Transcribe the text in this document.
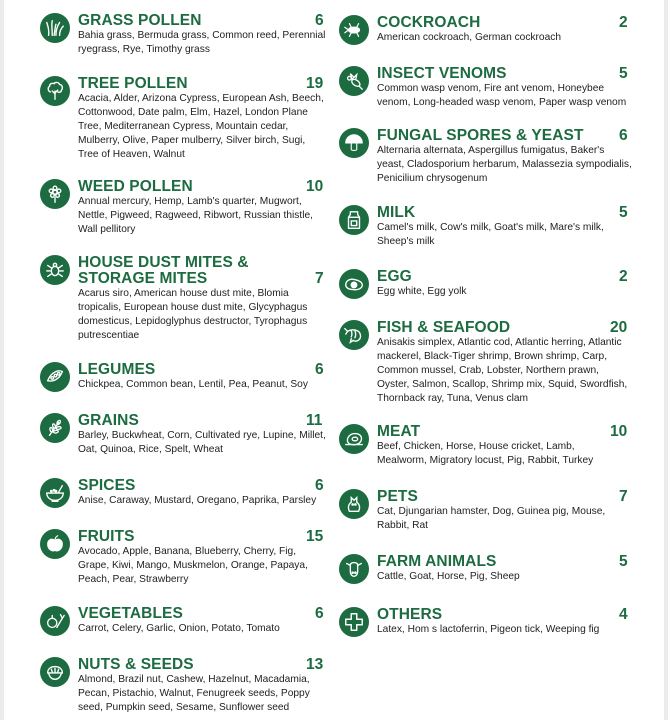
GRASS POLLEN	6
Bahia grass, Bermuda grass, Common reed, Perennial ryegrass, Rye, Timothy grass
TREE POLLEN	19
Acacia, Alder, Arizona Cypress, European Ash, Beech, Cottonwood, Date palm, Elm, Hazel, London Plane Tree, Mediterranean Cypress, Mountain cedar, Mulberry, Olive, Paper mulberry, Silver birch, Sugi, Tree of Heaven, Walnut
WEED POLLEN	10
Annual mercury, Hemp, Lamb's quarter, Mugwort, Nettle, Pigweed, Ragweed, Ribwort, Russian thistle, Wall pellitory
HOUSE DUST MITES & STORAGE MITES	7
Acarus siro, American house dust mite, Blomia tropicalis, European house dust mite, Glycyphagus domesticus, Lepidoglyphus destructor, Tyrophagus putrescentiae
LEGUMES	6
Chickpea, Common bean, Lentil, Pea, Peanut, Soy
GRAINS	11
Barley, Buckwheat, Corn, Cultivated rye, Lupine, Millet, Oat, Quinoa, Rice, Spelt, Wheat
SPICES	6
Anise, Caraway, Mustard, Oregano, Paprika, Parsley
FRUITS	15
Avocado, Apple, Banana, Blueberry, Cherry, Fig, Grape, Kiwi, Mango, Muskmelon, Orange, Papaya, Peach, Pear, Strawberry
VEGETABLES	6
Carrot, Celery, Garlic, Onion, Potato, Tomato
NUTS & SEEDS	13
Almond, Brazil nut, Cashew, Hazelnut, Macadamia, Pecan, Pistachio, Walnut, Fenugreek seeds, Poppy seed, Pumpkin seed, Sesame, Sunflower seed
COCKROACH	2
American cockroach, German cockroach
INSECT VENOMS	5
Common wasp venom, Fire ant venom, Honeybee venom, Long-headed wasp venom, Paper wasp venom
FUNGAL SPORES & YEAST 6
Alternaria alternata, Aspergillus fumigatus, Baker's yeast, Cladosporium herbarum, Malassezia sympodialis, Penicilium chrysogenum
MILK	5
Camel's milk, Cow's milk, Goat's milk, Mare's milk, Sheep's milk
EGG	2
Egg white, Egg yolk
FISH & SEAFOOD	20
Anisakis simplex, Atlantic cod, Atlantic herring, Atlantic mackerel, Black-Tiger shrimp, Brown shrimp, Carp, Common mussel, Crab, Lobster, Northern prawn, Oyster, Salmon, Scallop, Shrimp mix, Squid, Swordfish, Thornback ray, Tuna, Venus clam
MEAT	10
Beef, Chicken, Horse, House cricket, Lamb, Mealworm, Migratory locust, Pig, Rabbit, Turkey
PETS	7
Cat, Djungarian hamster, Dog, Guinea pig, Mouse, Rabbit, Rat
FARM ANIMALS	5
Cattle, Goat, Horse, Pig, Sheep
OTHERS	4
Latex, Hom s lactoferrin, Pigeon tick, Weeping fig
